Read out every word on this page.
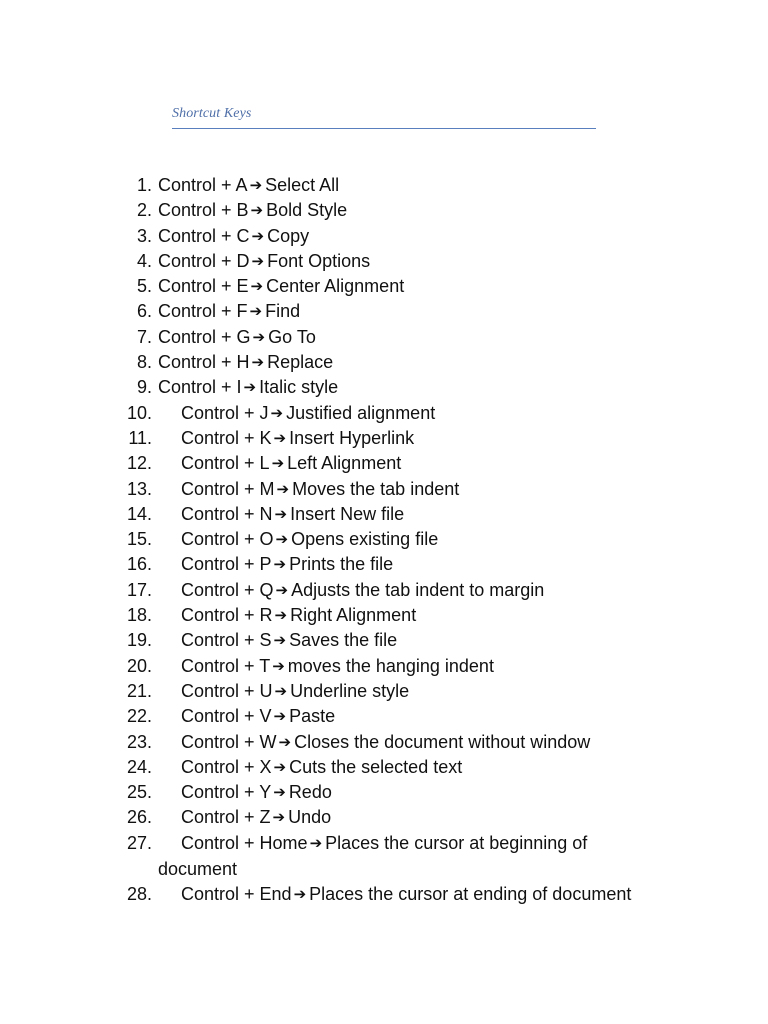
Shortcut Keys
1. Control + A ➔ Select All
2. Control + B ➔ Bold Style
3. Control + C ➔ Copy
4. Control + D ➔ Font Options
5. Control + E ➔ Center Alignment
6. Control + F ➔ Find
7. Control + G ➔ Go To
8. Control + H ➔ Replace
9. Control + I ➔ Italic style
10. Control + J ➔ Justified alignment
11. Control + K ➔ Insert Hyperlink
12. Control + L ➔ Left Alignment
13. Control + M ➔ Moves the tab indent
14. Control + N ➔ Insert New file
15. Control + O ➔ Opens existing file
16. Control + P ➔ Prints the file
17. Control + Q ➔ Adjusts the tab indent to margin
18. Control + R ➔ Right Alignment
19. Control + S ➔ Saves the file
20. Control + T ➔ moves the hanging indent
21. Control + U ➔ Underline style
22. Control + V ➔ Paste
23. Control + W ➔ Closes the document without window
24. Control + X ➔ Cuts the selected text
25. Control + Y ➔ Redo
26. Control + Z ➔ Undo
27.	Control + Home ➔ Places the cursor at beginning of
document
28. Control + End ➔ Places the cursor at ending of document
